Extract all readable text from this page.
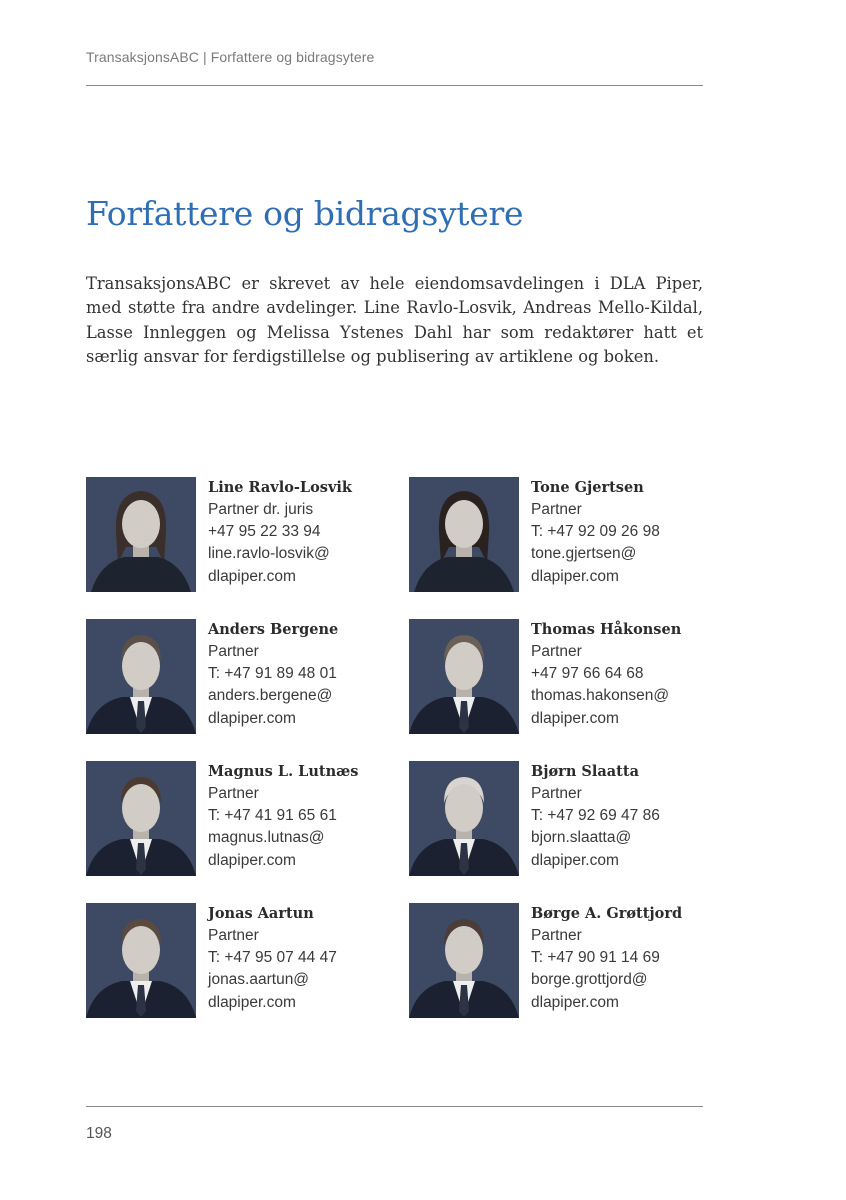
TransaksjonsABC | Forfattere og bidragsytere
Forfattere og bidragsytere

TransaksjonsABC er skrevet av hele eiendomsavdelingen i DLA Piper, med støtte fra andre avdelinger. Line Ravlo-Losvik, Andreas Mello-Kildal, Lasse Innleggen og Melissa Ystenes Dahl har som redaktører hatt et særlig ansvar for ferdigstillelse og publisering av artiklene og boken.

Line Ravlo-Losvik
Partner dr. juris
+47 95 22 33 94
line.ravlo-losvik@
dlapiper.com
Tone Gjertsen
Partner
T: +47 92 09 26 98
tone.gjertsen@
dlapiper.com
Anders Bergene
Partner
T: +47 91 89 48 01
anders.bergene@
dlapiper.com
Thomas Håkonsen
Partner
+47 97 66 64 68
thomas.hakonsen@
dlapiper.com
Magnus L. Lutnæs
Partner
T: +47 41 91 65 61
magnus.lutnas@
dlapiper.com
Bjørn Slaatta
Partner
T: +47 92 69 47 86
bjorn.slaatta@
dlapiper.com
Jonas Aartun
Partner
T: +47 95 07 44 47
jonas.aartun@
dlapiper.com
Børge A. Grøttjord
Partner
T: +47 90 91 14 69
borge.grottjord@
dlapiper.com
198
